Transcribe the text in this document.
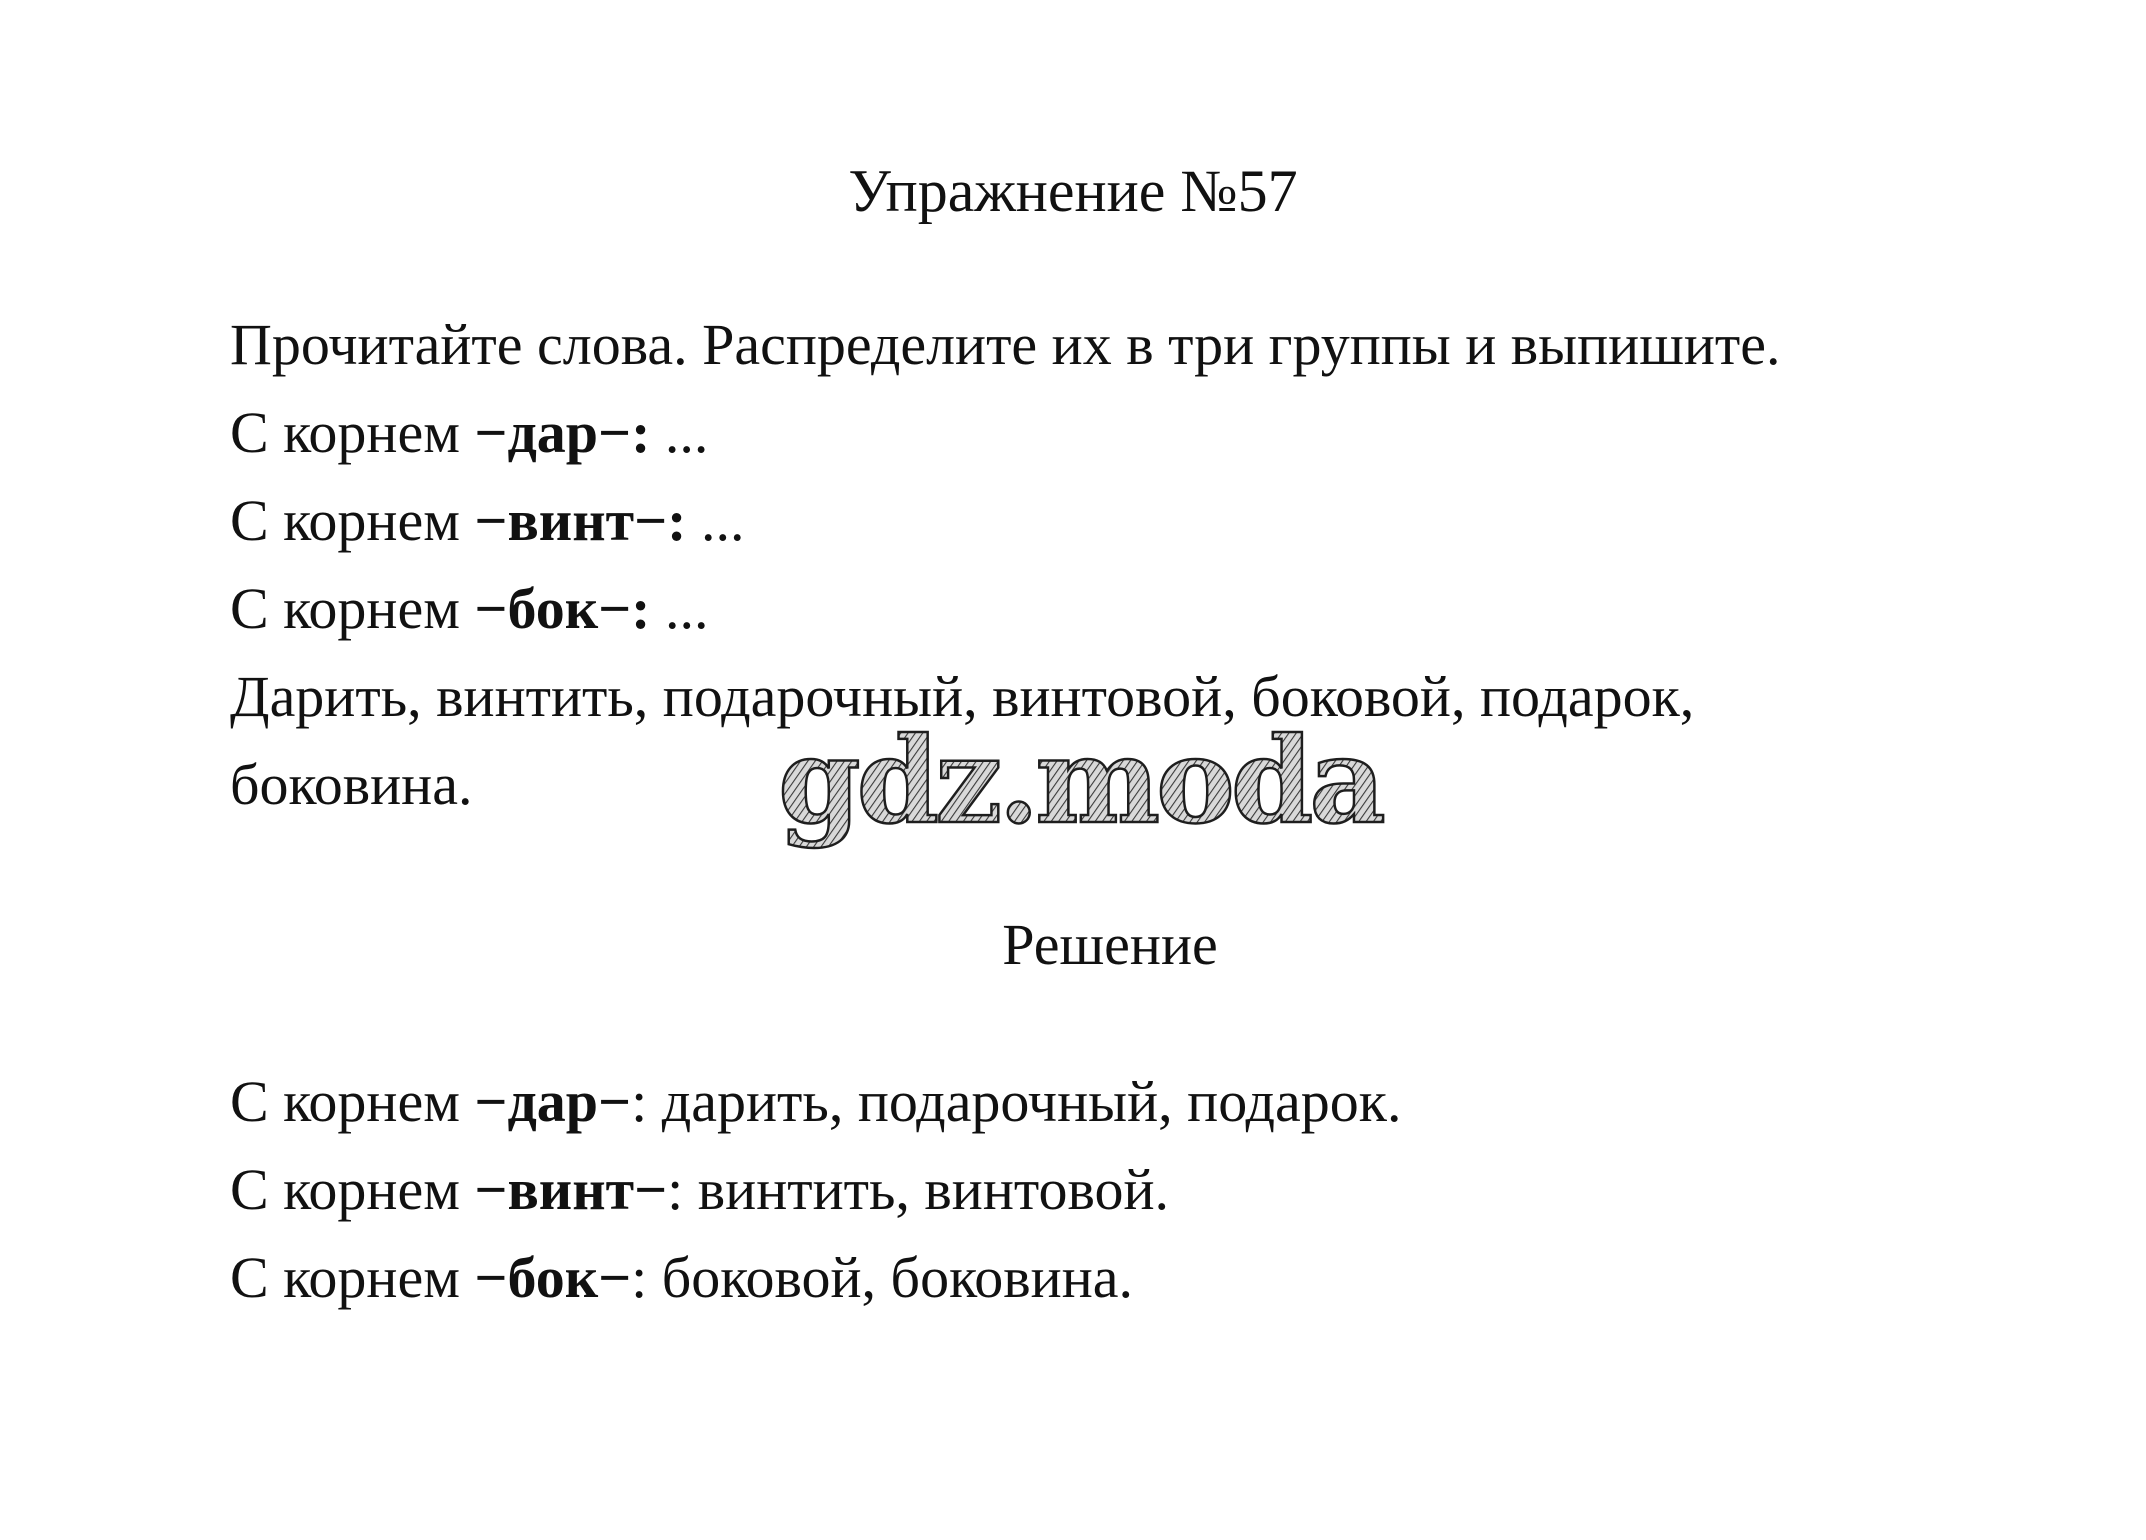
Упражнение №57
Прочитайте слова. Распределите их в три группы и выпишите.
С корнем −дар−: ...
С корнем −винт−: ...
С корнем −бок−: ...
Дарить, винтить, подарочный, винтовой, боковой, подарок,
боковина.	gdz.moda
Решение
С корнем −дар−: дарить, подарочный, подарок.
С корнем −винт−: винтить, винтовой.
С корнем −бок−: боковой, боковина.
